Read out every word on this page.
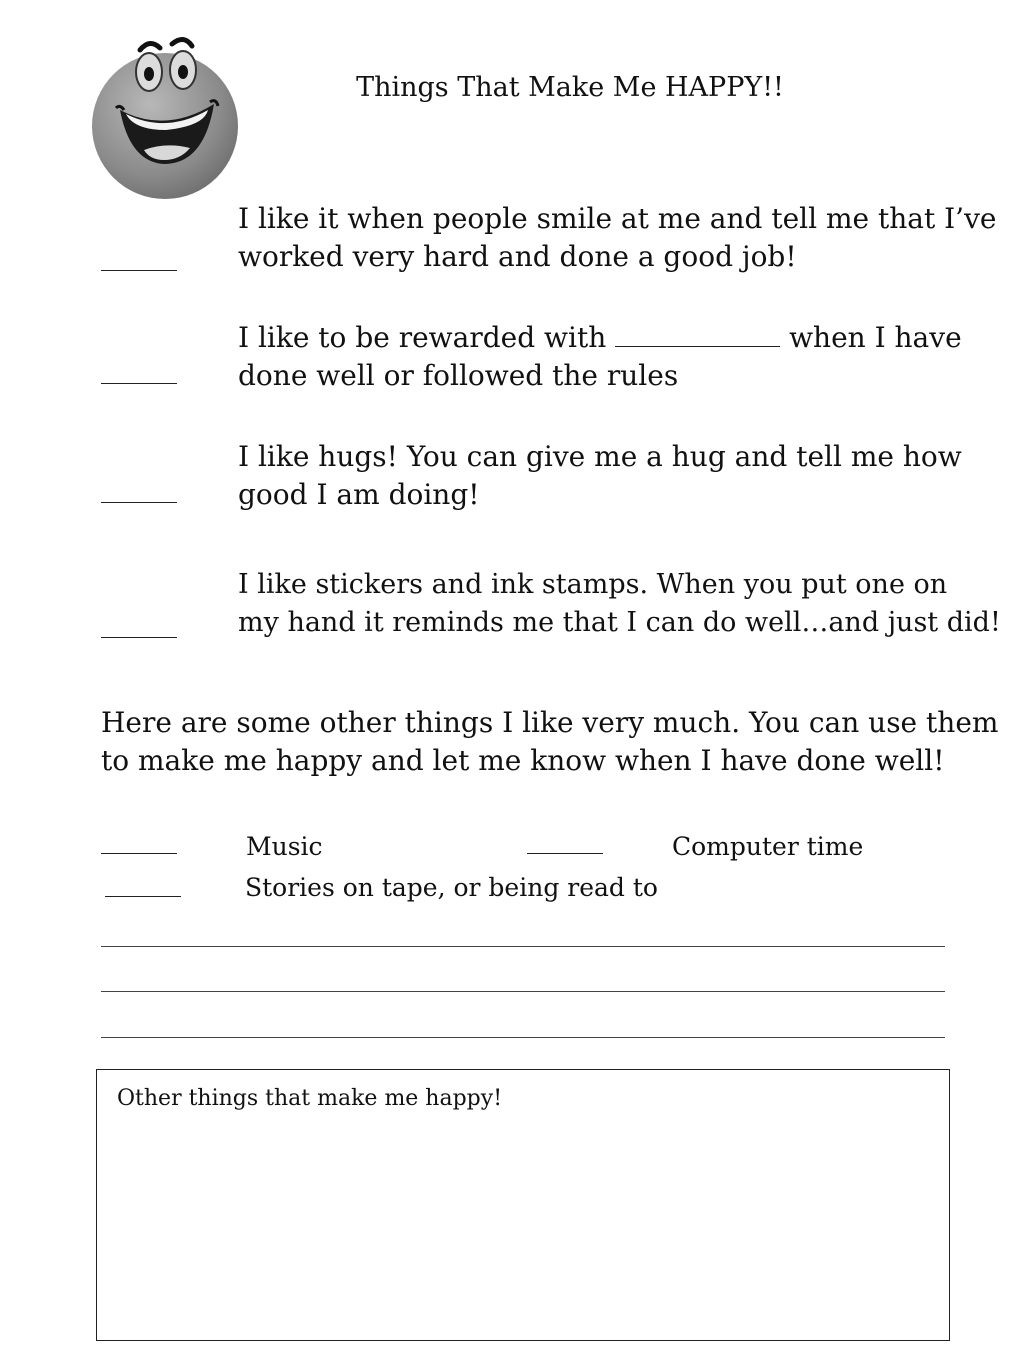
Things That Make Me HAPPY!!
I like it when people smile at me and tell me that I’ve
worked very hard and done a good job!
I like to be rewarded with	when I have
done well or followed the rules
I like hugs! You can give me a hug and tell me how
good I am doing!
I like stickers and ink stamps. When you put one on
my hand it reminds me that I can do well…and just did!
Here are some other things I like very much. You can use them
to make me happy and let me know when I have done well!
Music	Computer time
Stories on tape, or being read to
Other things that make me happy!
